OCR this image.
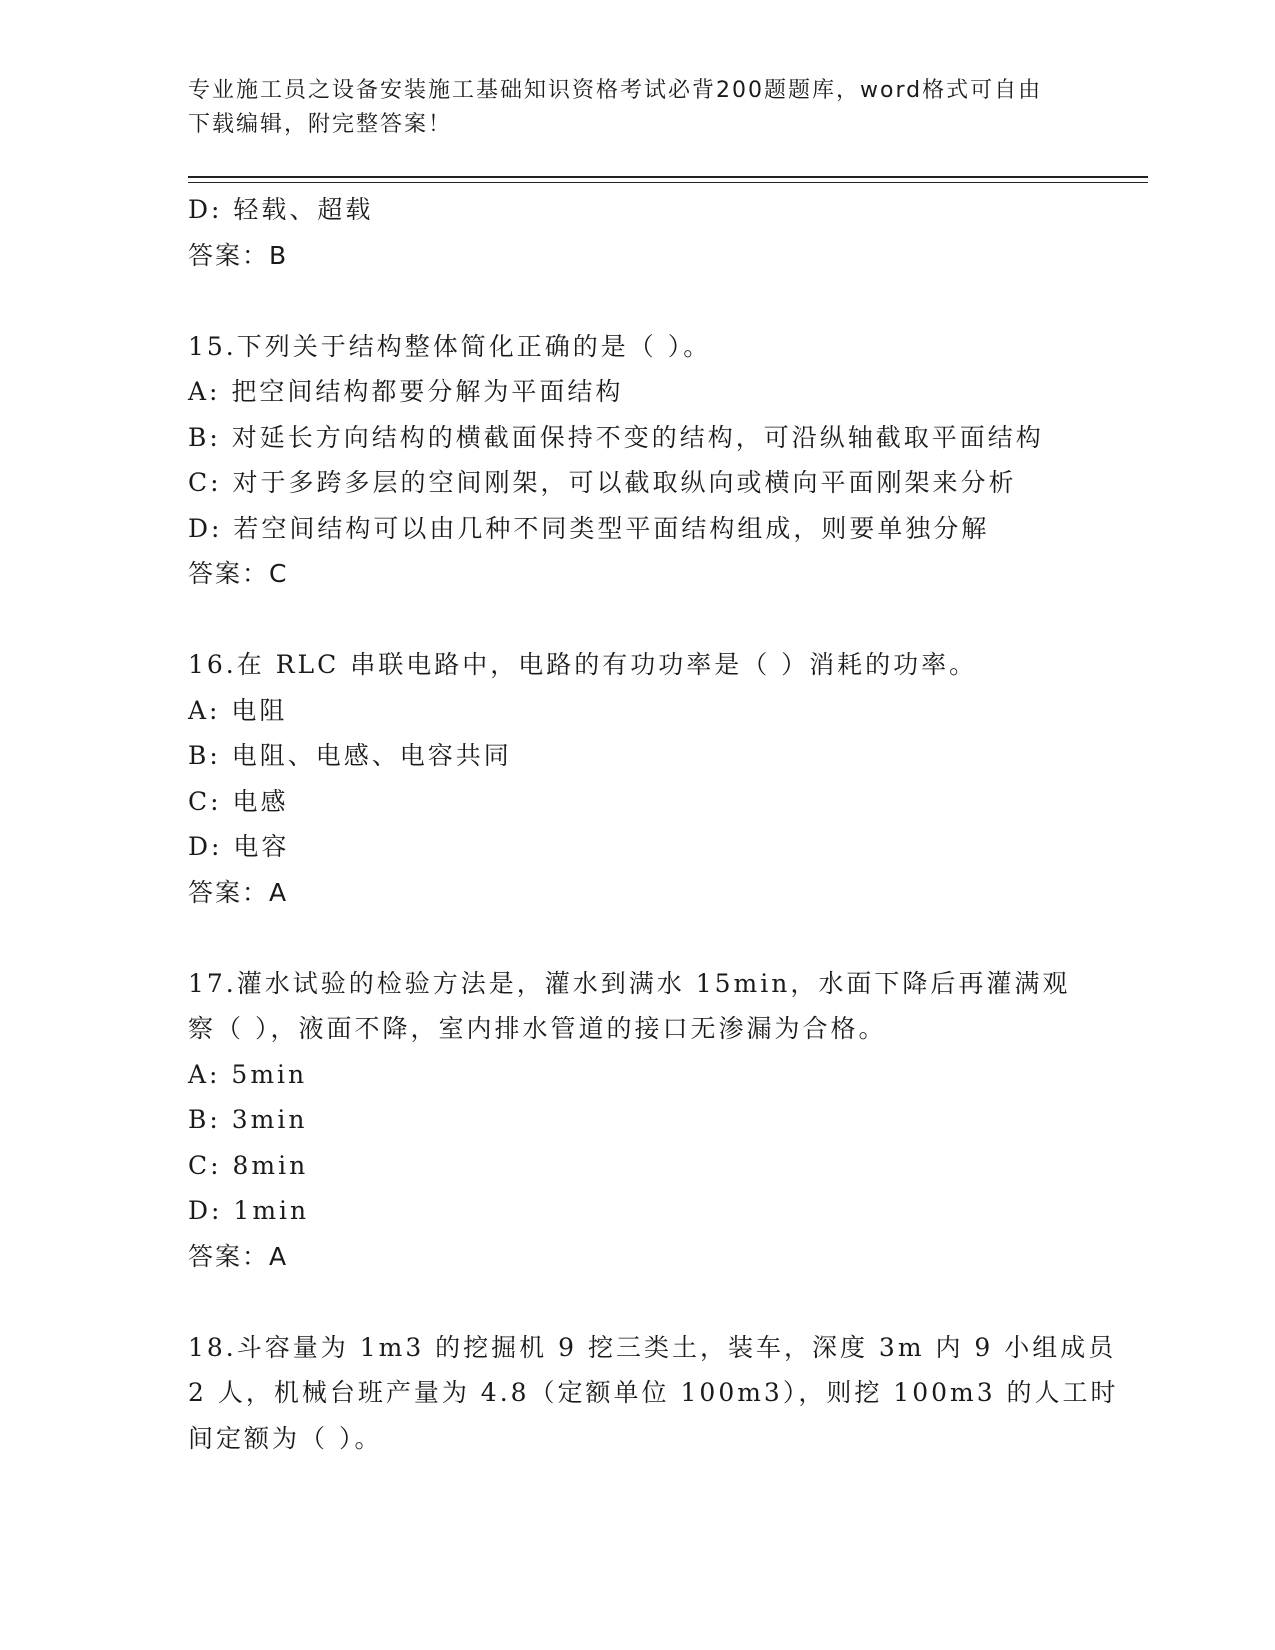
专业施工员之设备安装施工基础知识资格考试必背200题题库，word格式可自由
下载编辑，附完整答案！
D: 轻载、超载
答案：B
15.下列关于结构整体简化正确的是（ ）。
A: 把空间结构都要分解为平面结构
B: 对延长方向结构的横截面保持不变的结构，可沿纵轴截取平面结构
C: 对于多跨多层的空间刚架，可以截取纵向或横向平面刚架来分析
D: 若空间结构可以由几种不同类型平面结构组成，则要单独分解
答案：C
16.在 RLC 串联电路中，电路的有功功率是（ ）消耗的功率。
A: 电阻
B: 电阻、电感、电容共同
C: 电感
D: 电容
答案：A
17.灌水试验的检验方法是，灌水到满水 15min，水面下降后再灌满观
察（ ），液面不降，室内排水管道的接口无渗漏为合格。
A: 5min
B: 3min
C: 8min
D: 1min
答案：A
18.斗容量为 1m3 的挖掘机 9 挖三类土，装车，深度 3m 内 9 小组成员
2 人，机械台班产量为 4.8（定额单位 100m3），则挖 100m3 的人工时
间定额为（ ）。
